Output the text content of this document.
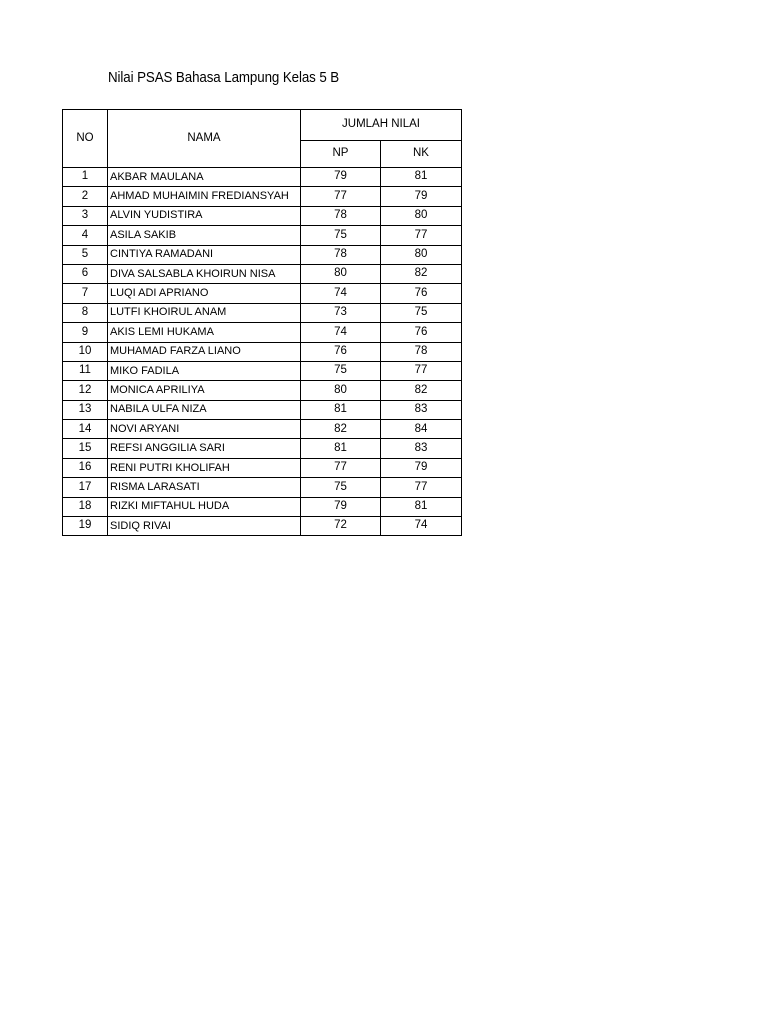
Nilai PSAS Bahasa Lampung Kelas 5 B
NO	NAMA	JUMLAH NILAI	
		NP	NK
1	AKBAR MAULANA	79	81
2	AHMAD MUHAIMIN FREDIANSYAH	77	79
3	ALVIN YUDISTIRA	78	80
4	ASILA SAKIB	75	77
5	CINTIYA RAMADANI	78	80
6	DIVA SALSABLA KHOIRUN NISA	80	82
7	LUQI ADI APRIANO	74	76
8	LUTFI KHOIRUL ANAM	73	75
9	AKIS LEMI HUKAMA	74	76
10	MUHAMAD FARZA LIANO	76	78
11	MIKO FADILA	75	77
12	MONICA APRILIYA	80	82
13	NABILA ULFA NIZA	81	83
14	NOVI ARYANI	82	84
15	REFSI ANGGILIA SARI	81	83
16	RENI PUTRI KHOLIFAH	77	79
17	RISMA LARASATI	75	77
18	RIZKI MIFTAHUL HUDA	79	81
19	SIDIQ RIVAI	72	74
